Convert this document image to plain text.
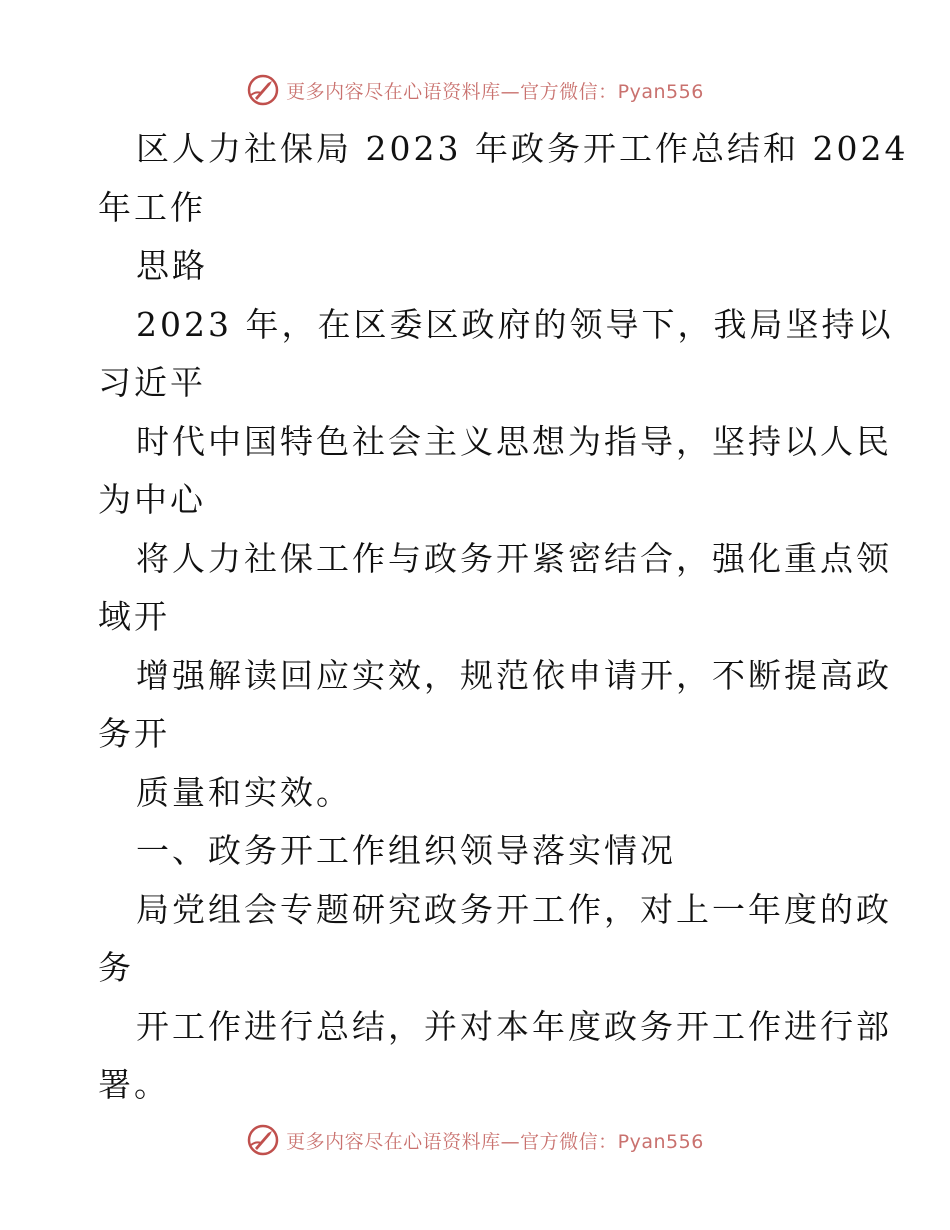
更多内容尽在心语资料库—官方微信：Pyan556
区人力社保局 2023 年政务开工作总结和 2024
年工作
思路
2023 年，在区委区政府的领导下，我局坚持以
习近平
时代中国特色社会主义思想为指导，坚持以人民
为中心
将人力社保工作与政务开紧密结合，强化重点领
域开
增强解读回应实效，规范依申请开，不断提高政
务开
质量和实效。
一、政务开工作组织领导落实情况
局党组会专题研究政务开工作，对上一年度的政
务
开工作进行总结，并对本年度政务开工作进行部
署。
更多内容尽在心语资料库—官方微信：Pyan556
